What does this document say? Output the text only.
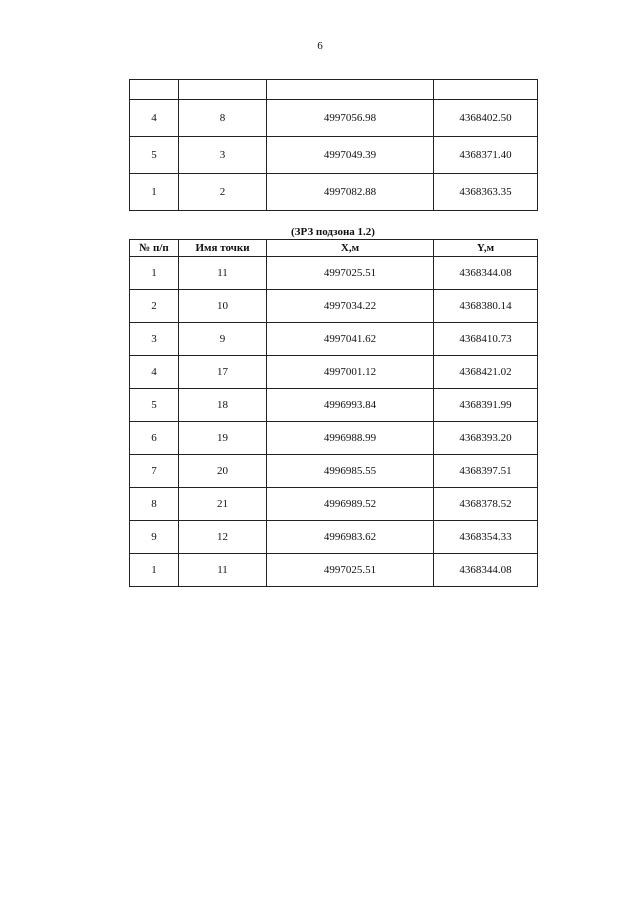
6

4	8	4997056.98	4368402.50
5	3	4997049.39	4368371.40
1	2	4997082.88	4368363.35
(ЗРЗ подзона 1.2)
№ п/п	Имя точки	X,м	Y,м
1	11	4997025.51	4368344.08
2	10	4997034.22	4368380.14
3	9	4997041.62	4368410.73
4	17	4997001.12	4368421.02
5	18	4996993.84	4368391.99
6	19	4996988.99	4368393.20
7	20	4996985.55	4368397.51
8	21	4996989.52	4368378.52
9	12	4996983.62	4368354.33
1	11	4997025.51	4368344.08
